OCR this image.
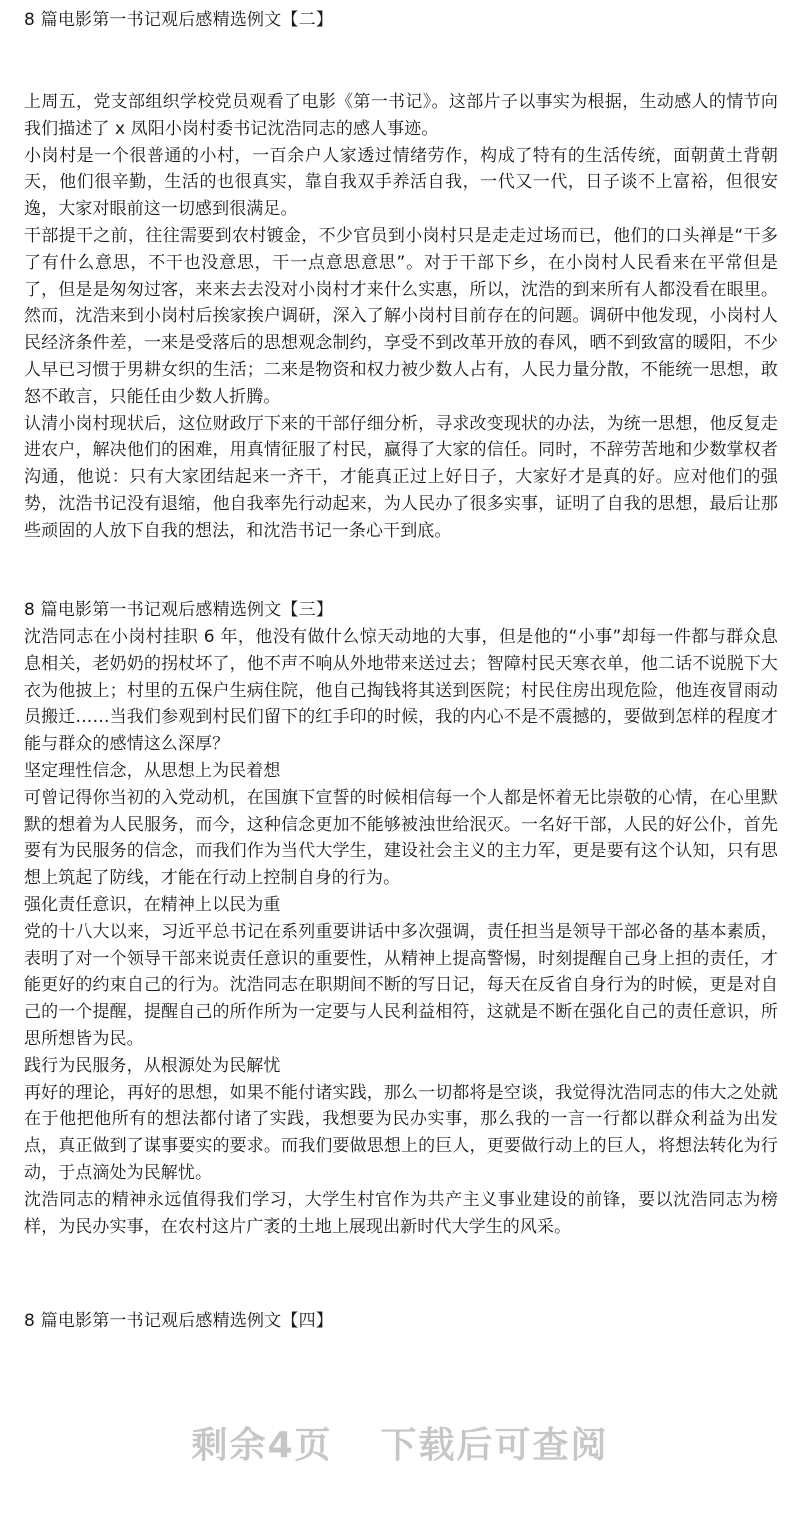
8 篇电影第一书记观后感精选例文【二】

上周五，党支部组织学校党员观看了电影《第一书记》。这部片子以事实为根据，生动感人的情节向我们描述了 x 凤阳小岗村委书记沈浩同志的感人事迹。

小岗村是一个很普通的小村，一百余户人家透过情绪劳作，构成了特有的生活传统，面朝黄土背朝天，他们很辛勤，生活的也很真实，靠自我双手养活自我，一代又一代，日子谈不上富裕，但很安逸，大家对眼前这一切感到很满足。

干部提干之前，往往需要到农村镀金，不少官员到小岗村只是走走过场而已，他们的口头禅是“干多了有什么意思，不干也没意思，干一点意思意思”。对于干部下乡，在小岗村人民看来在平常但是了，但是是匆匆过客，来来去去没对小岗村才来什么实惠，所以，沈浩的到来所有人都没看在眼里。然而，沈浩来到小岗村后挨家挨户调研，深入了解小岗村目前存在的问题。调研中他发现，小岗村人民经济条件差，一来是受落后的思想观念制约，享受不到改革开放的春风，晒不到致富的暖阳，不少人早已习惯于男耕女织的生活；二来是物资和权力被少数人占有，人民力量分散，不能统一思想，敢怒不敢言，只能任由少数人折腾。

认清小岗村现状后，这位财政厅下来的干部仔细分析，寻求改变现状的办法，为统一思想，他反复走进农户，解决他们的困难，用真情征服了村民，赢得了大家的信任。同时，不辞劳苦地和少数掌权者沟通，他说：只有大家团结起来一齐干，才能真正过上好日子，大家好才是真的好。应对他们的强势，沈浩书记没有退缩，他自我率先行动起来，为人民办了很多实事，证明了自我的思想，最后让那些顽固的人放下自我的想法，和沈浩书记一条心干到底。

8 篇电影第一书记观后感精选例文【三】

沈浩同志在小岗村挂职 6 年，他没有做什么惊天动地的大事，但是他的“小事”却每一件都与群众息息相关，老奶奶的拐杖坏了，他不声不响从外地带来送过去；智障村民天寒衣单，他二话不说脱下大衣为他披上；村里的五保户生病住院，他自己掏钱将其送到医院；村民住房出现危险，他连夜冒雨动员搬迁……当我们参观到村民们留下的红手印的时候，我的内心不是不震撼的，要做到怎样的程度才能与群众的感情这么深厚？

坚定理性信念，从思想上为民着想

可曾记得你当初的入党动机，在国旗下宣誓的时候相信每一个人都是怀着无比崇敬的心情，在心里默默的想着为人民服务，而今，这种信念更加不能够被浊世给泯灭。一名好干部，人民的好公仆，首先要有为民服务的信念，而我们作为当代大学生，建设社会主义的主力军，更是要有这个认知，只有思想上筑起了防线，才能在行动上控制自身的行为。

强化责任意识，在精神上以民为重

党的十八大以来，习近平总书记在系列重要讲话中多次强调，责任担当是领导干部必备的基本素质，表明了对一个领导干部来说责任意识的重要性，从精神上提高警惕，时刻提醒自己身上担的责任，才能更好的约束自己的行为。沈浩同志在职期间不断的写日记，每天在反省自身行为的时候，更是对自己的一个提醒，提醒自己的所作所为一定要与人民利益相符，这就是不断在强化自己的责任意识，所思所想皆为民。

践行为民服务，从根源处为民解忧

再好的理论，再好的思想，如果不能付诸实践，那么一切都将是空谈，我觉得沈浩同志的伟大之处就在于他把他所有的想法都付诸了实践，我想要为民办实事，那么我的一言一行都以群众利益为出发点，真正做到了谋事要实的要求。而我们要做思想上的巨人，更要做行动上的巨人，将想法转化为行动，于点滴处为民解忧。

沈浩同志的精神永远值得我们学习，大学生村官作为共产主义事业建设的前锋，要以沈浩同志为榜样，为民办实事，在农村这片广袤的土地上展现出新时代大学生的风采。

8 篇电影第一书记观后感精选例文【四】
剩余4页 下载后可查阅
